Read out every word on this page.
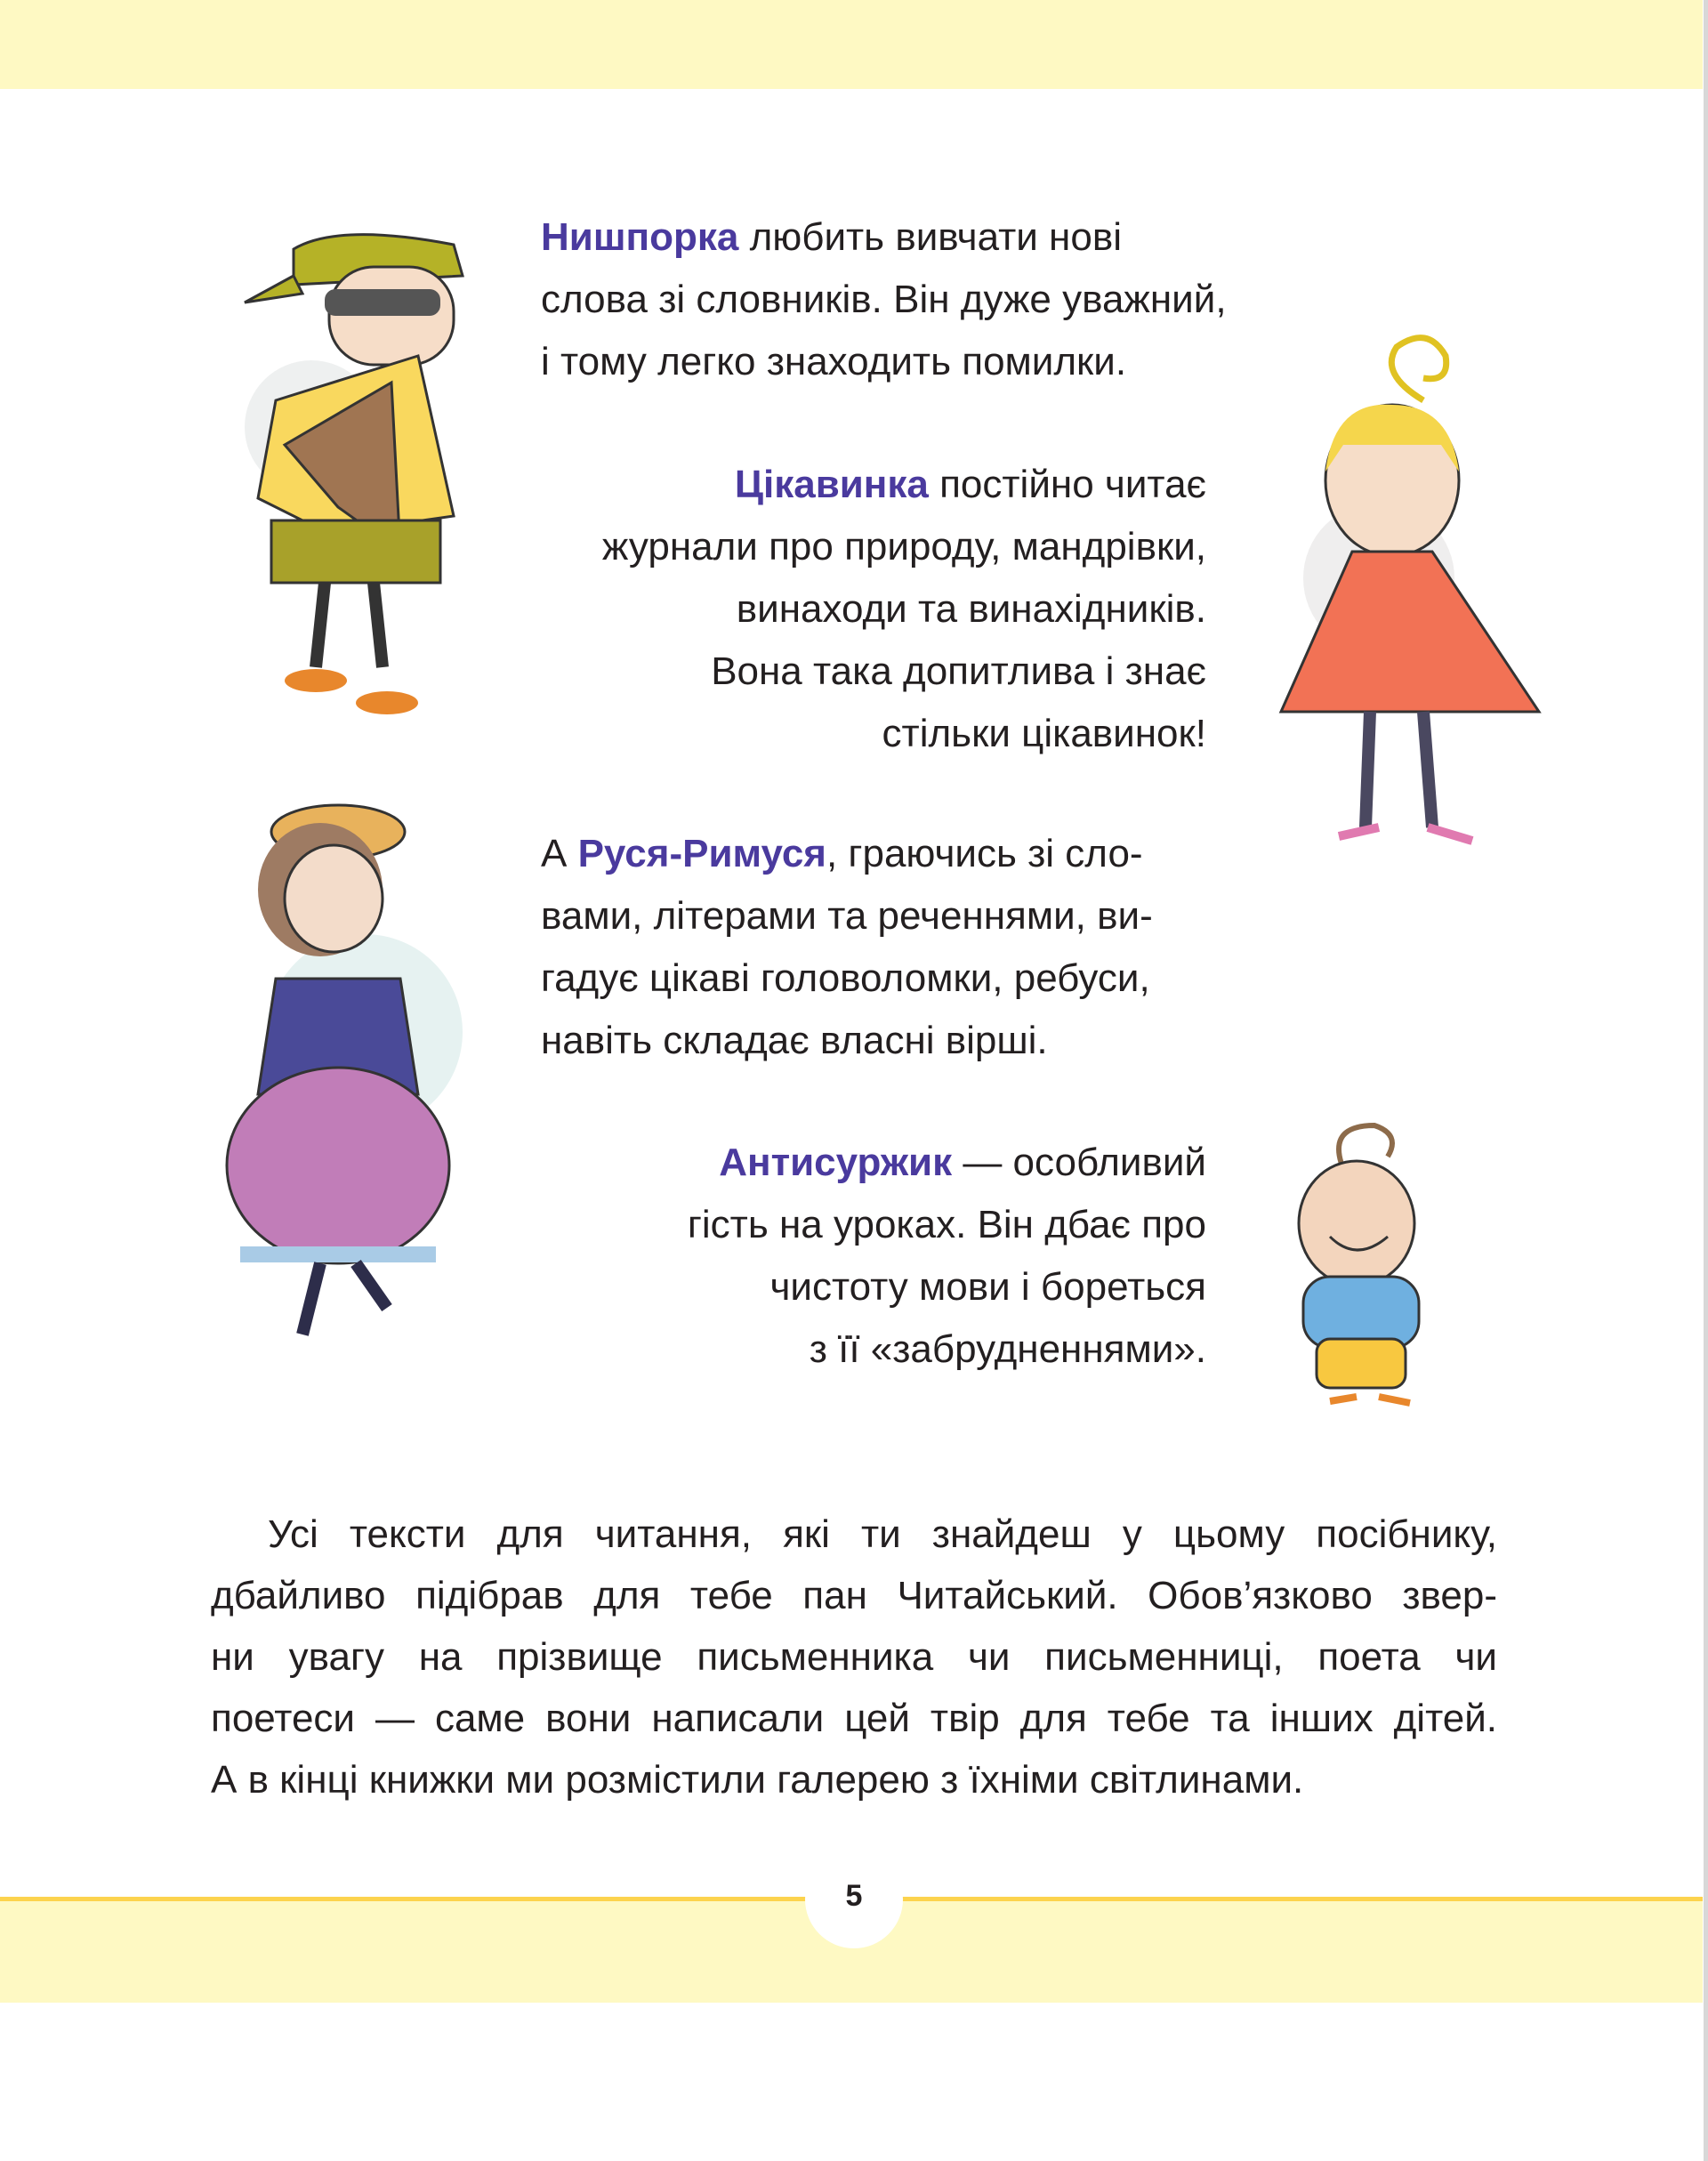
Нишпорка любить вивчати нові
слова зі словників. Він дуже уважний,
і тому легко знаходить помилки.
Цікавинка постійно читає
журнали про природу, мандрівки,
винаходи та винахідників.
Вона така допитлива і знає
стільки цікавинок!
А Руся-Римуся, граючись зі сло-
вами, літерами та реченнями, ви-
гадує цікаві головоломки, ребуси,
навіть складає власні вірші.
Антисуржик — особливий
гість на уроках. Він дбає про
чистоту мови і бореться
з її «забрудненнями».
Усі тексти для читання, які ти знайдеш у цьому посібнику,
дбайливо підібрав для тебе пан Читайський. Обов’язково звер-
ни увагу на прізвище письменника чи письменниці, поета чи
поетеси — саме вони написали цей твір для тебе та інших дітей.
А в кінці книжки ми розмістили галерею з їхніми світлинами.
5
